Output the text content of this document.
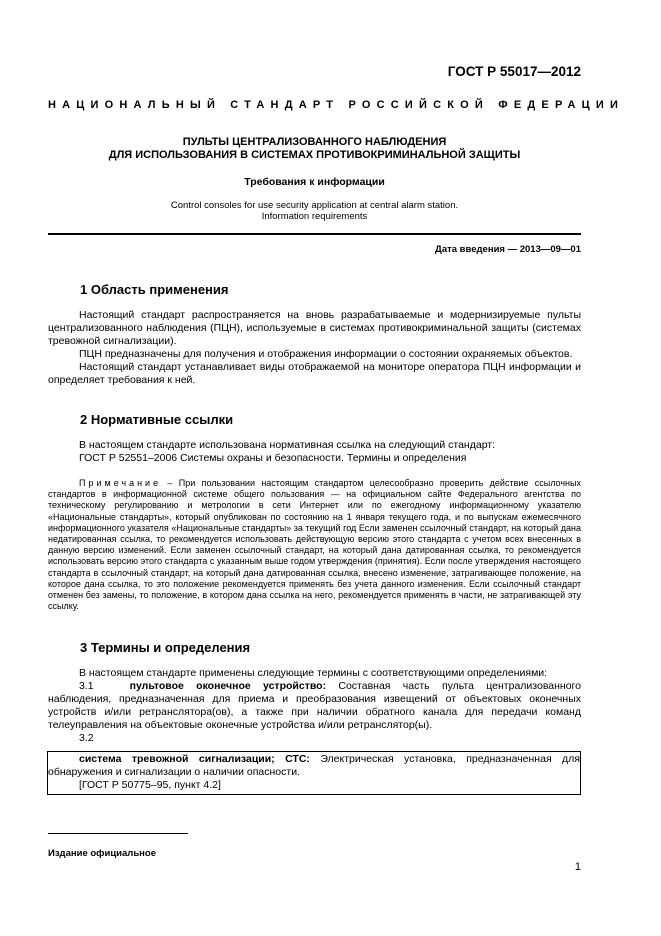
ГОСТ Р 55017—2012
НАЦИОНАЛЬНЫЙ СТАНДАРТ РОССИЙСКОЙ ФЕДЕРАЦИИ
ПУЛЬТЫ ЦЕНТРАЛИЗОВАННОГО НАБЛЮДЕНИЯ
ДЛЯ ИСПОЛЬЗОВАНИЯ В СИСТЕМАХ ПРОТИВОКРИМИНАЛЬНОЙ ЗАЩИТЫ
Требования к информации
Control consoles for use security application at central alarm station.
Information requirements
Дата введения — 2013—09—01
1 Область применения

Настоящий стандарт распространяется на вновь разрабатываемые и модернизируемые пульты централизованного наблюдения (ПЦН), используемые в системах противокриминальной защиты (системах тревожной сигнализации).

ПЦН предназначены для получения и отображения информации о состоянии охраняемых объектов.

Настоящий стандарт устанавливает виды отображаемой на мониторе оператора ПЦН информации и определяет требования к ней.

2 Нормативные ссылки

В настоящем стандарте использована нормативная ссылка на следующий стандарт:

ГОСТ Р 52551–2006 Системы охраны и безопасности. Термины и определения

Примечание – При пользовании настоящим стандартом целесообразно проверить действие ссылочных стандартов в информационной системе общего пользования — на официальном сайте Федерального агентства по техническому регулированию и метрологии в сети Интернет или по ежегодному информационному указателю «Национальные стандарты», который опубликован по состоянию на 1 января текущего года, и по выпускам ежемесячного информационного указателя «Национальные стандарты» за текущий год Если заменен ссылочный стандарт, на который дана недатированная ссылка, то рекомендуется использовать действующую версию этого стандарта с учетом всех внесенных в данную версию изменений. Если заменен ссылочный стандарт, на который дана датированная ссылка, то рекомендуется использовать версию этого стандарта с указанным выше годом утверждения (принятия). Если после утверждения настоящего стандарта в ссылочный стандарт, на который дана датированная ссылка, внесено изменение, затрагивающее положение, на которое дана ссылка, то это положение рекомендуется применять без учета данного изменения. Если ссылочный стандарт отменен без замены, то положение, в котором дана ссылка на него, рекомендуется применять в части, не затрагивающей эту ссылку.

3 Термины и определения

В настоящем стандарте применены следующие термины с соответствующими определениями:

3.1	пультовое оконечное устройство: Составная часть пульта централизованного наблюдения, предназначенная для приема и преобразования извещений от объектовых оконечных устройств и/или ретранслятора(ов), а также при наличии обратного канала для передачи команд телеуправления на объектовые оконечные устройства и/или ретранслятор(ы).

3.2

система тревожной сигнализации; СТС: Электрическая установка, предназначенная для обнаружения и сигнализации о наличии опасности.

[ГОСТ Р 50775–95, пункт 4.2]

Издание официальное
1
